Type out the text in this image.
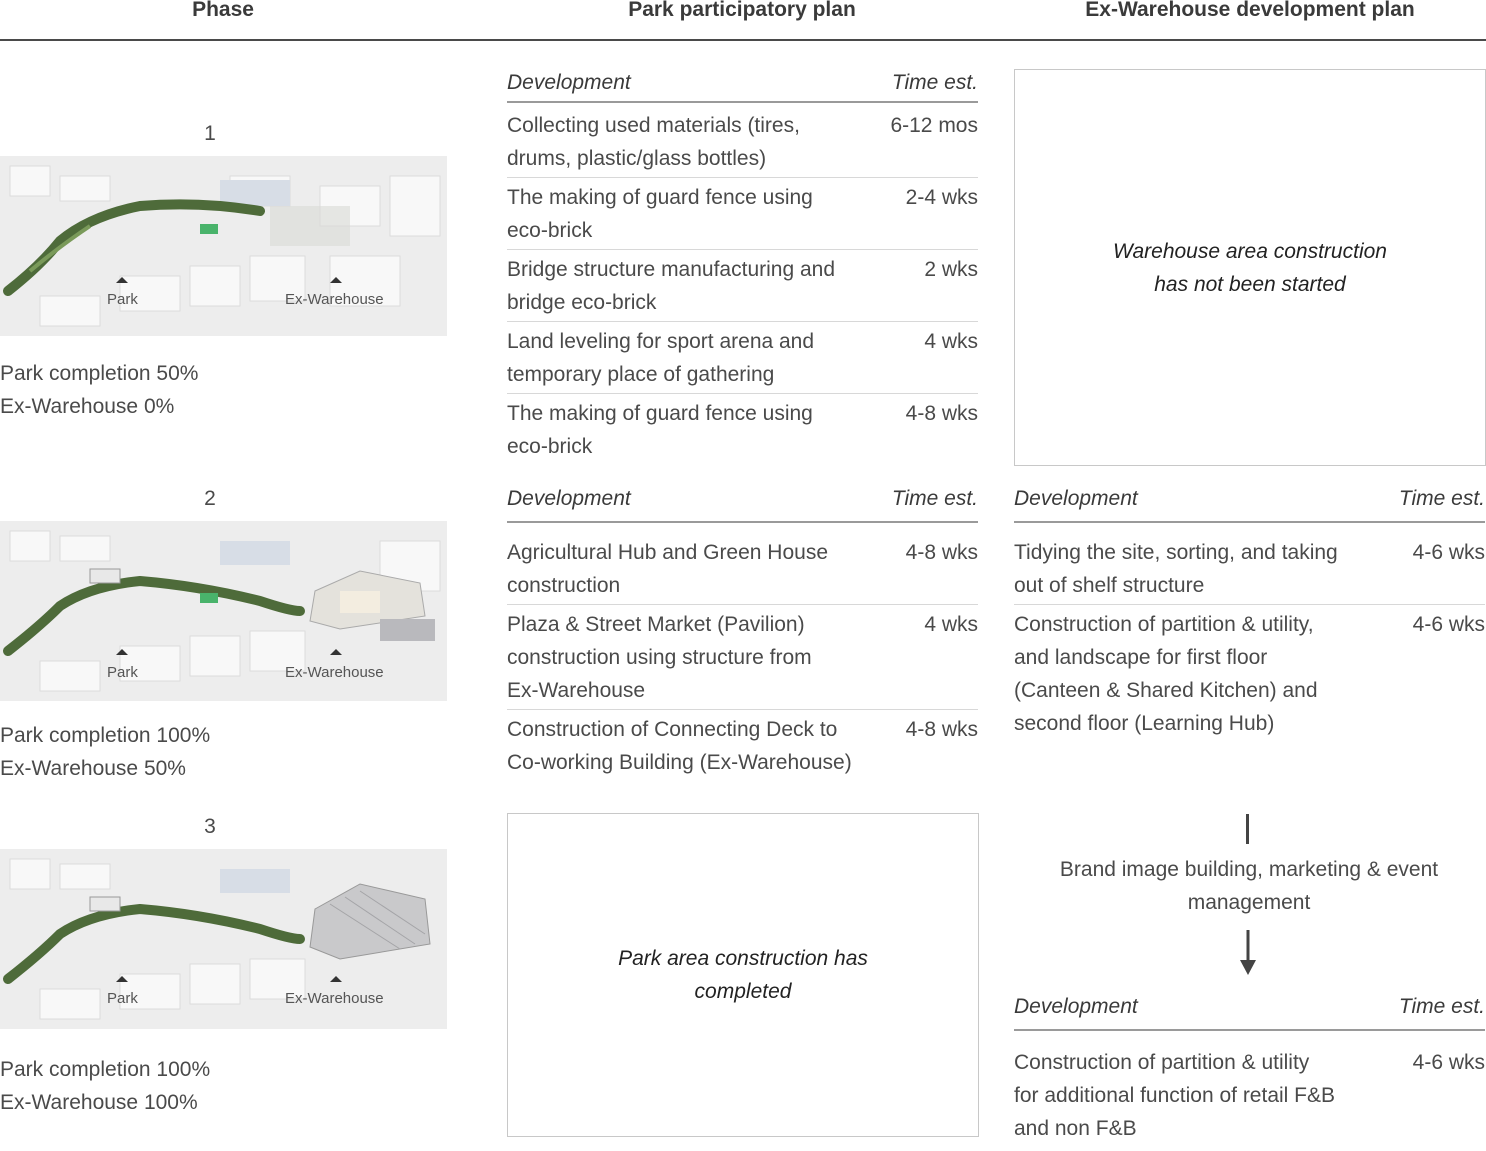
Phase	Park participatory plan	Ex-Warehouse development plan
1
Park	Ex-Warehouse
Park completion 50%
Ex-Warehouse 0%
2
Park	Ex-Warehouse
Park completion 100%
Ex-Warehouse 50%
3
Park	Ex-Warehouse
Park completion 100%
Ex-Warehouse 100%
Development	Time est.
Collecting used materials (tires,
drums, plastic/glass bottles)
6-12 mos
The making of guard fence using
eco-brick
2-4 wks
Bridge structure manufacturing and
bridge eco-brick
2 wks
Land leveling for sport arena and
temporary place of gathering
4 wks
The making of guard fence using
eco-brick
4-8 wks
Development	Time est.
Agricultural Hub and Green House
construction
4-8 wks
Plaza & Street Market (Pavilion)
construction using structure from
Ex-Warehouse
4 wks
Construction of Connecting Deck to
Co-working Building (Ex-Warehouse)
4-8 wks
Park area construction has
completed
Warehouse area construction
has not been started
Development	Time est.
Tidying the site, sorting, and taking
out of shelf structure
4-6 wks
Construction of partition & utility,
and landscape for first floor
(Canteen & Shared Kitchen) and
second floor (Learning Hub)
4-6 wks
Brand image building, marketing & event
management
Development	Time est.
Construction of partition & utility
for additional function of retail F&B
and non F&B
4-6 wks
